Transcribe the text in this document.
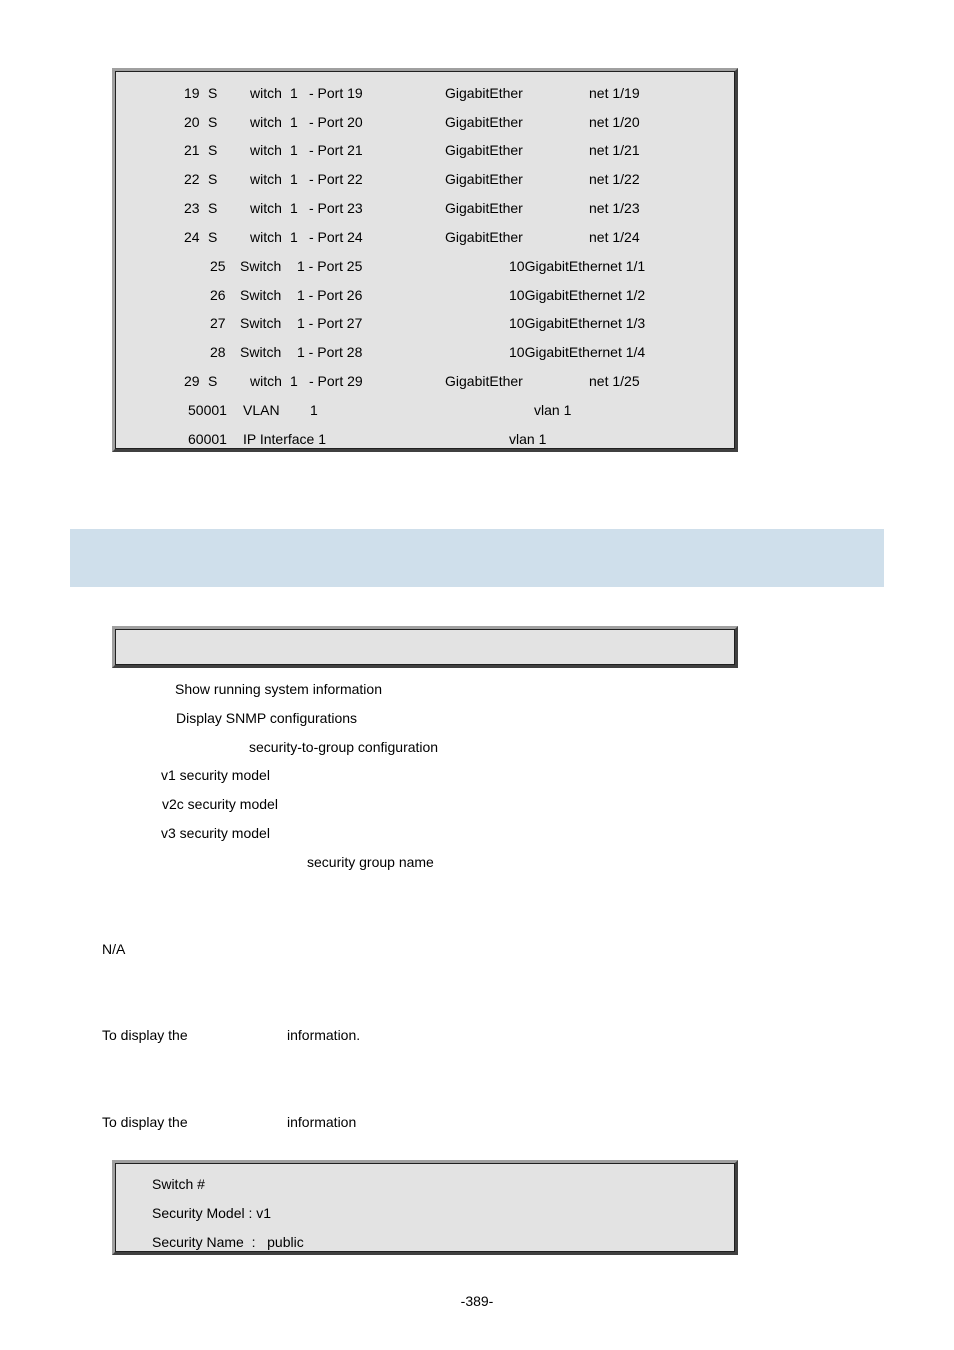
19 S witch 1 - Port 19	GigabitEther	net 1/19
20 S witch 1 - Port 20	GigabitEther	net 1/20
21 S witch 1 - Port 21	GigabitEther	net 1/21
22 S witch 1 - Port 22	GigabitEther	net 1/22
23 S witch 1 - Port 23	GigabitEther	net 1/23
24 S witch 1 - Port 24	GigabitEther	net 1/24
25 Switch 1 - Port 25	10GigabitEthernet 1/1
26 Switch 1 - Port 26	10GigabitEthernet 1/2
27 Switch 1 - Port 27	10GigabitEthernet 1/3
28 Switch 1 - Port 28	10GigabitEthernet 1/4
29 S witch 1 - Port 29	GigabitEther	net 1/25
50001 VLAN 1	vlan 1
60001 IP Interface 1	vlan 1
Show running system information
Display SNMP configurations
security-to-group configuration
v1 security model
v2c security model
v3 security model
security group name
N/A
To display the	information.
To display the	information
Switch #
Security Model : v1
Security Name  :   public
-389-
